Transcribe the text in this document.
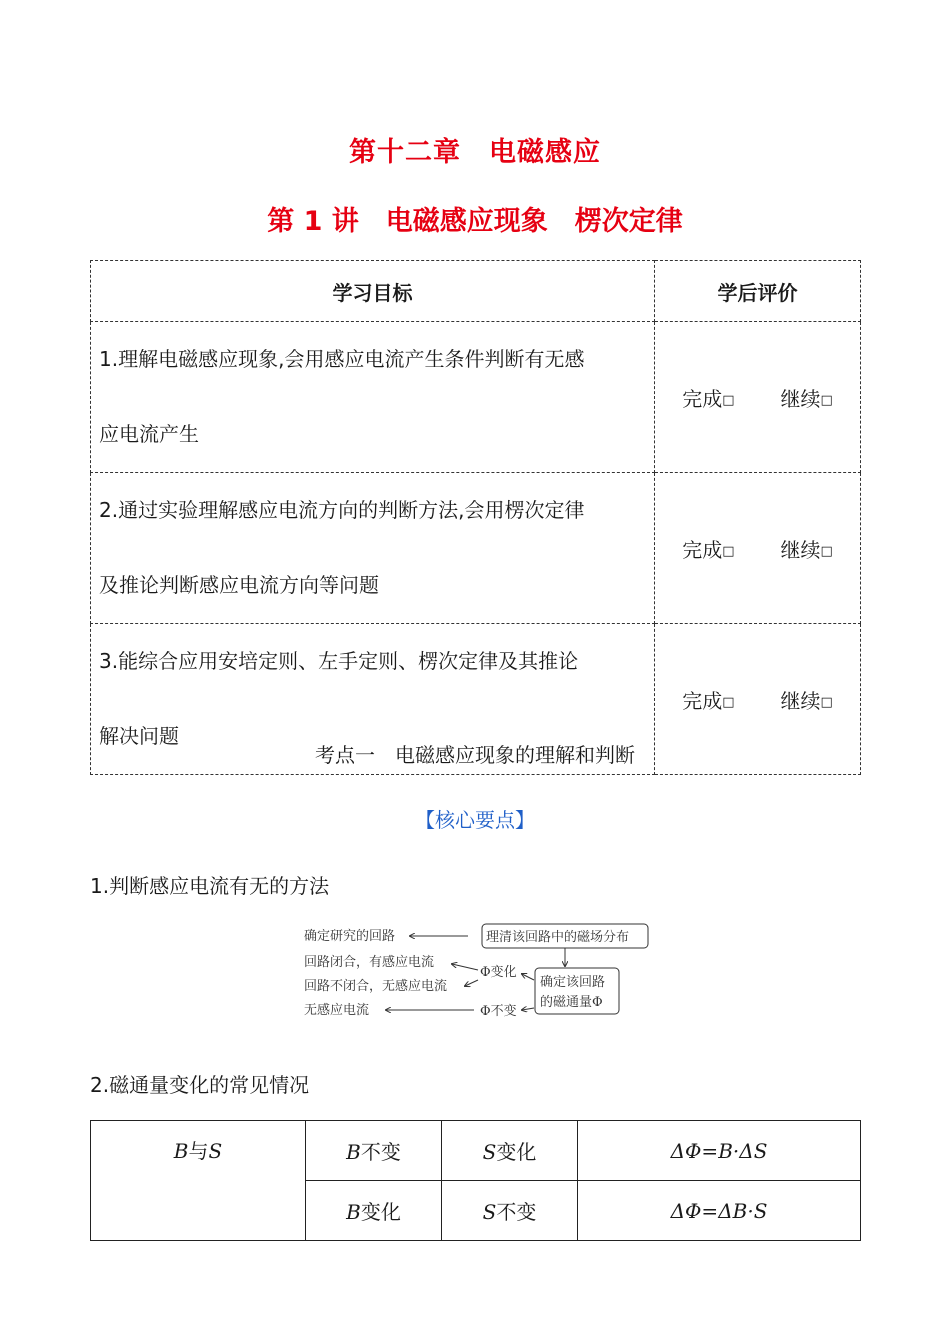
第十二章　电磁感应
第 1 讲　电磁感应现象　楞次定律
学习目标	学后评价

1.理解电磁感应现象,会用感应电流产生条件判断有无感
应电流产生	完成□ 继续□

2.通过实验理解感应电流方向的判断方法,会用楞次定律
及推论判断感应电流方向等问题	完成□ 继续□

3.能综合应用安培定则、左手定则、楞次定律及其推论
解决问题	完成□ 继续□
考点一　电磁感应现象的理解和判断
【核心要点】
1.判断感应电流有无的方法
确定研究的回路	理清该回路中的磁场分布
回路闭合，有感应电流
Φ变化
回路不闭合，无感应电流	确定该回路
的磁通量Φ
无感应电流	Φ不变
2.磁通量变化的常见情况
B与S	B不变	S变化	ΔΦ=B·ΔS
	B变化	S不变	ΔΦ=ΔB·S
